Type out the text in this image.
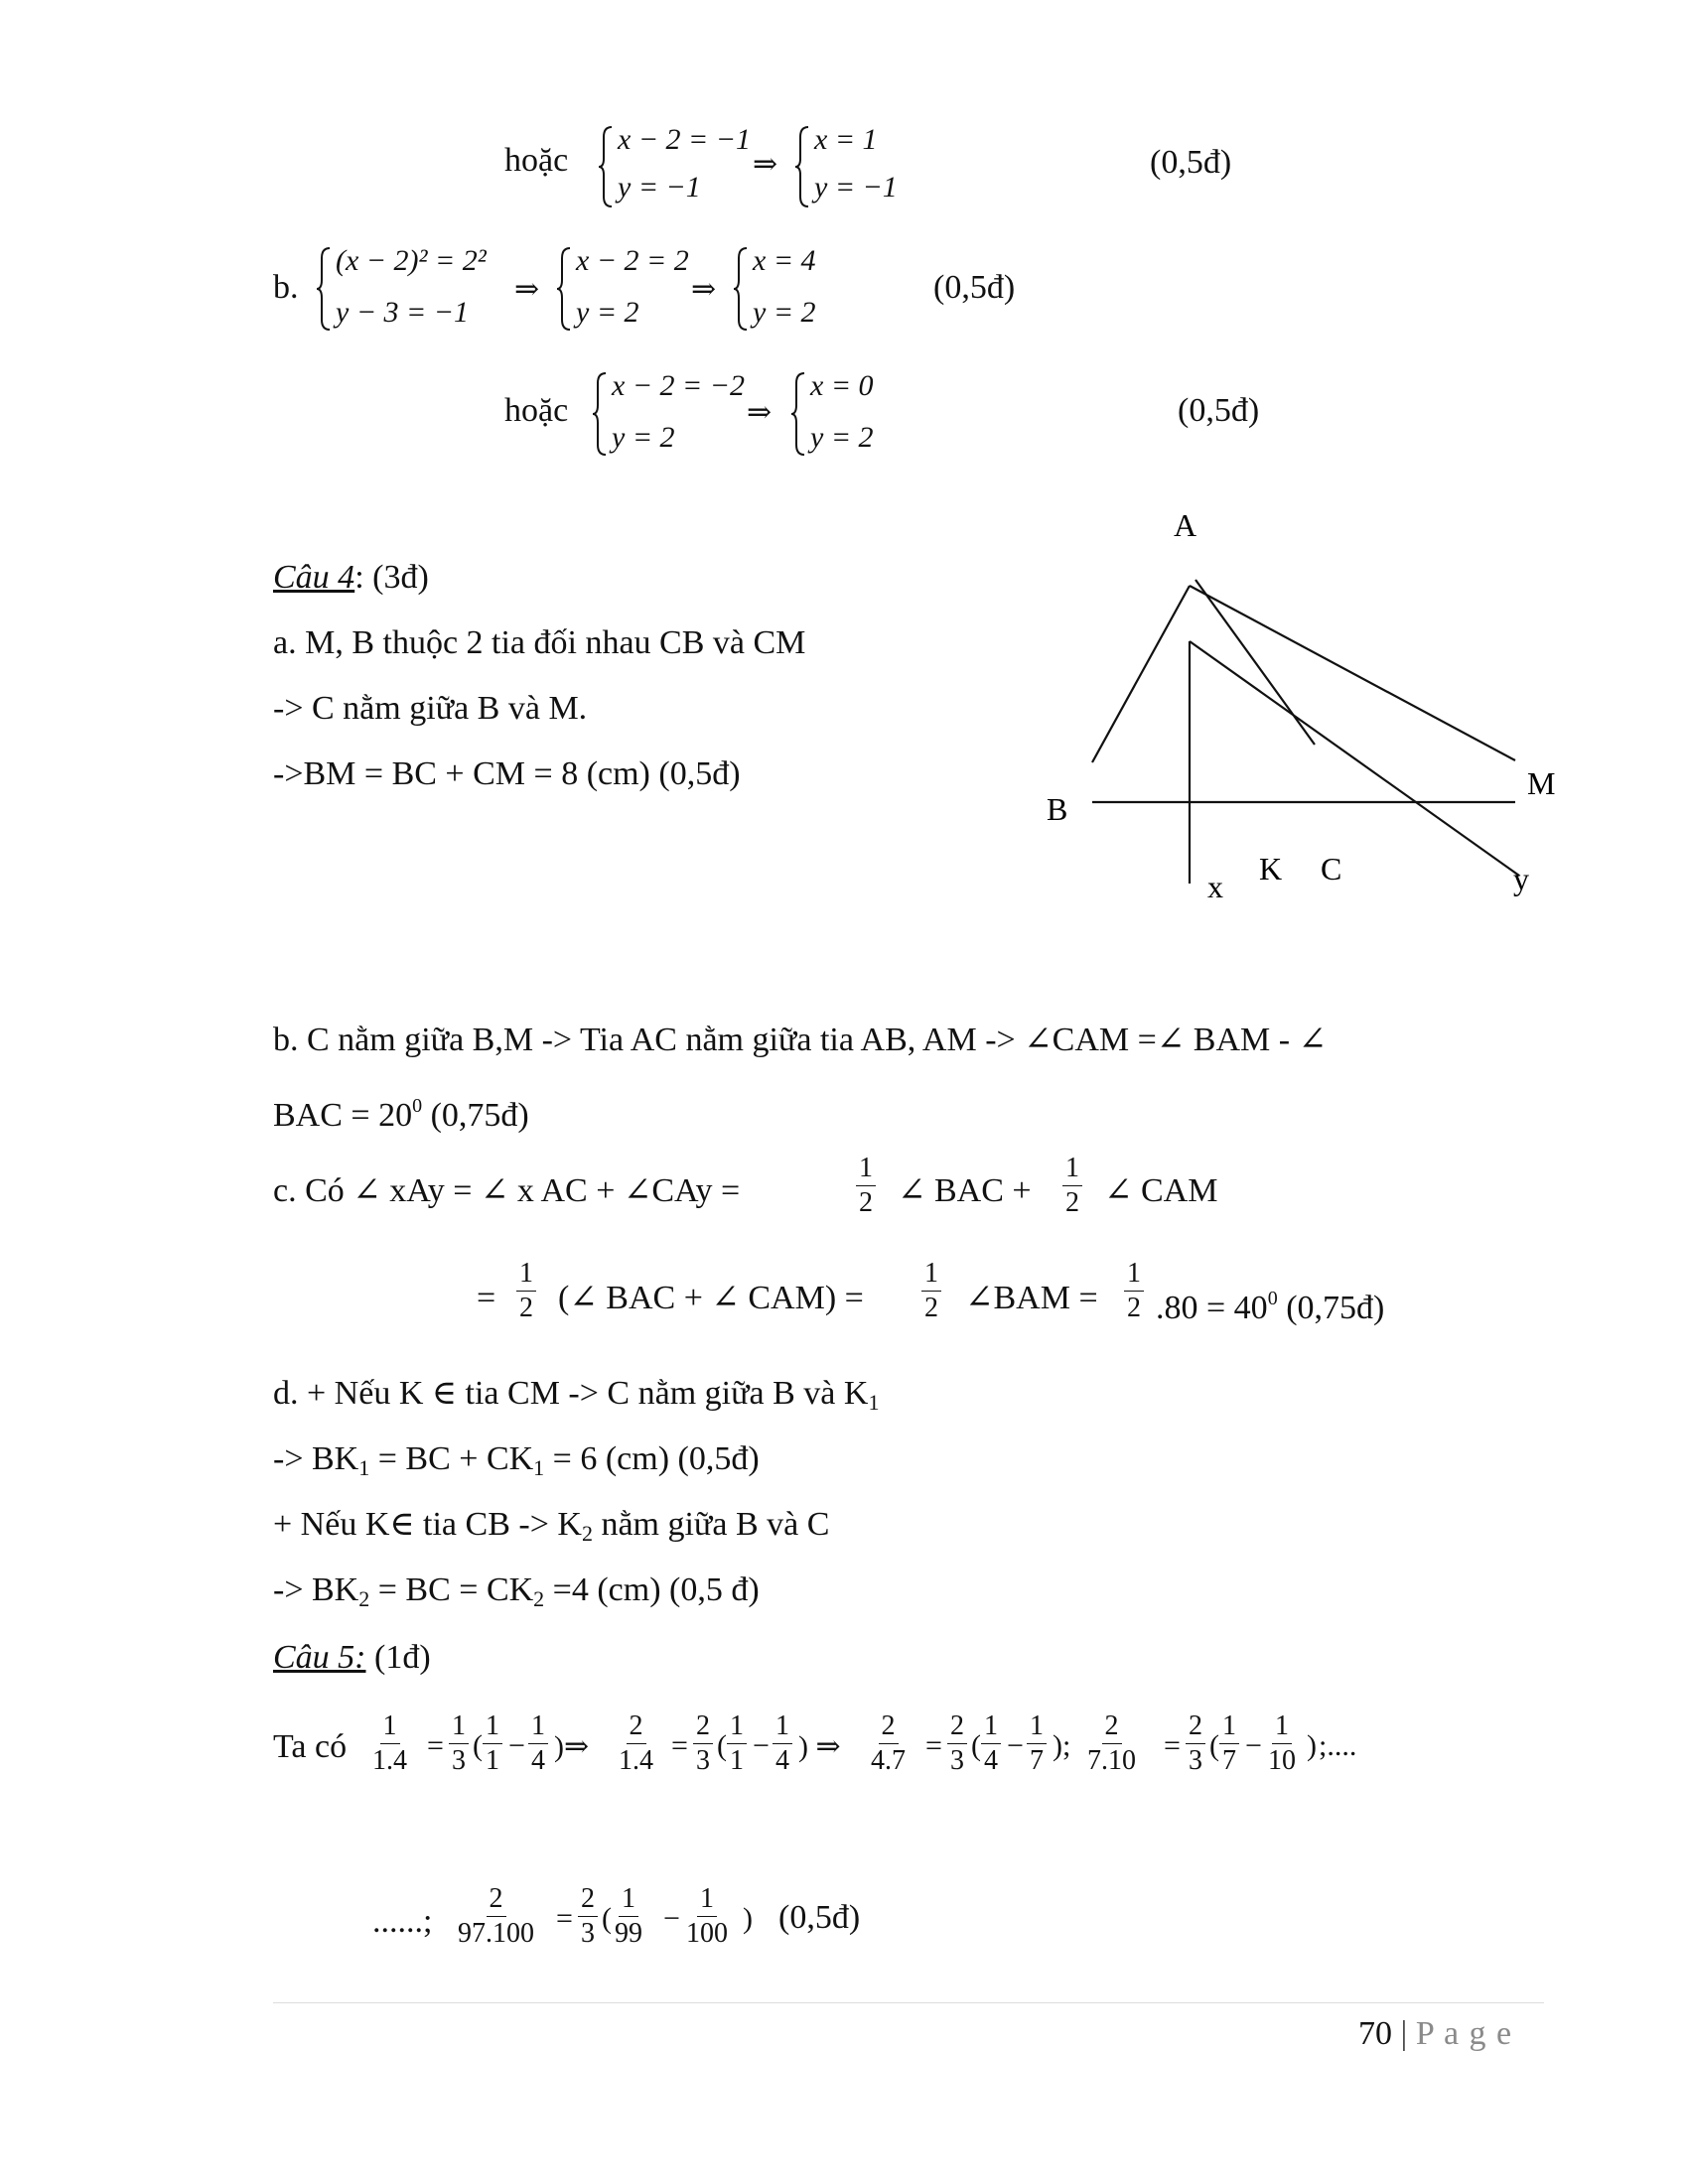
hoặc
x − 2 = −1
y = −1
⇒
x = 1
y = −1
(0,5đ)
b.
(x − 2)² = 2²
y − 3 = −1
⇒
x − 2 = 2
y = 2
⇒
x = 4
y = 2
(0,5đ)
hoặc
x − 2 = −2
y = 2
⇒
x = 0
y = 2
(0,5đ)
Câu 4: (3đ)
a. M, B thuộc 2 tia đối nhau CB và CM
-> C nằm giữa B và M.
->BM = BC + CM = 8 (cm) (0,5đ)
A
B
M
x K C	y
b. C nằm giữa B,M -> Tia AC nằm giữa tia AB, AM -> ∠CAM =∠ BAM - ∠
BAC = $20^0$ (0,75đ)
c. Có ∠ xAy = ∠ x AC + ∠CAy =	$\frac{1}{2}$ ∠ BAC + $\frac{1}{2}$ ∠ CAM
= $\frac{1}{2}$ (∠ BAC + ∠ $CAM) = \frac{1}{2}$ ∠BAM = $\frac{1}{2} .80 = 40^0$ (0,75đ)
d. + Nếu K ∈ tia CM -> C nằm giữa B và $K_1$
-> $BK_1$ = BC + $CK_1 = 6$ (cm) (0,5đ)
+ Nếu K∈ tia CB -> $K_2$ nằm giữa B và C
-> $BK_2$ = BC = $CK_2 =4$ (cm) (0,5 đ)
Câu 5: (1đ)
Ta có $\frac{1}{1.4} = \frac{1}{3}$ ( $\frac{1}{1} - \frac{1}{4}$ )⇒ $\frac{2}{1.4} = \frac{2}{3}$ ( $\frac{1}{1} - \frac{1}{4}$ ) ⇒ $\frac{2}{4.7} = \frac{2}{3}$ ( $\frac{1}{4} - \frac{1}{7}$ ); $\frac{2}{7.10} = \frac{2}{3}$ ( $\frac{1}{7} - \frac{1}{10}$ ) ;....
......; $\frac{2}{97.100} = \frac{2}{3}$ ( $\frac{1}{99} - \frac{1}{100}$ ) (0,5đ)
70 | P a g e
